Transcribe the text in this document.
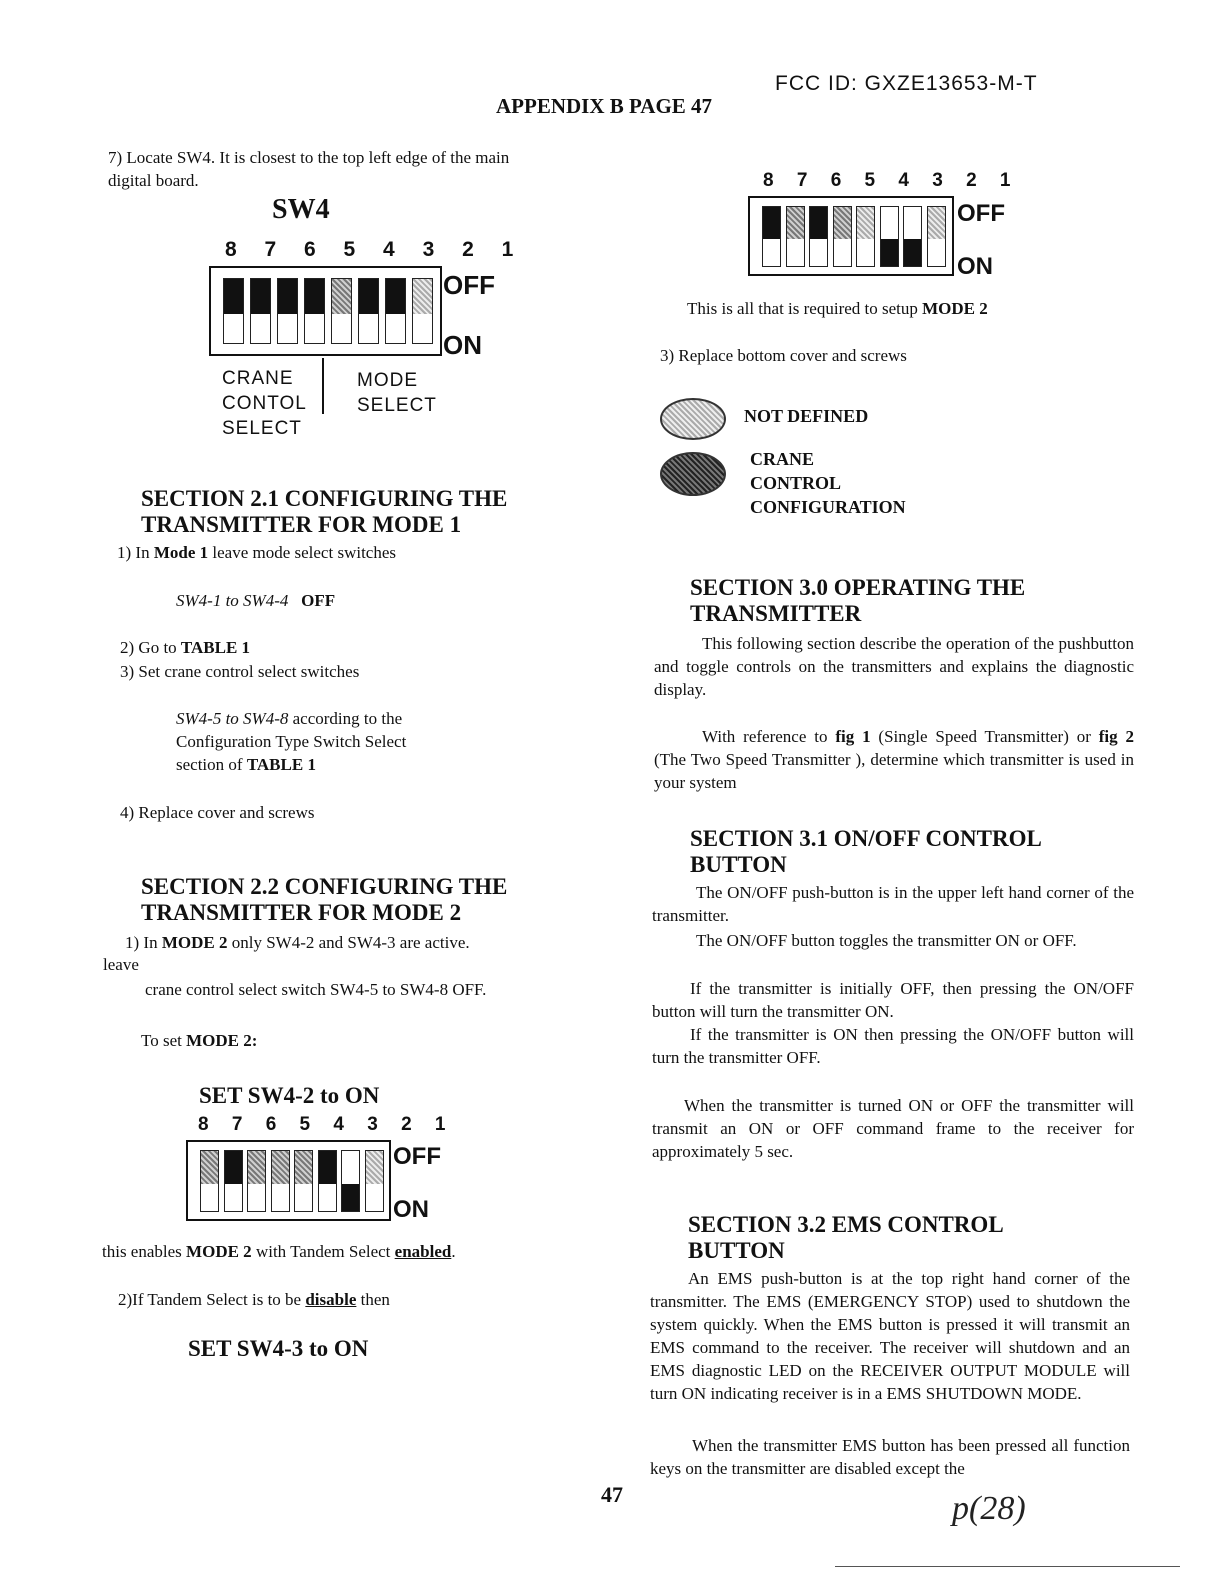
FCC ID: GXZE13653-M-T
APPENDIX B PAGE 47
7) Locate SW4. It is closest to the top left edge of the main digital board.
SW4
8 7 6 5 4 3 2 1
OFF
ON
CRANE
CONTOL
SELECT
MODE
SELECT
SECTION 2.1 CONFIGURING THE
TRANSMITTER FOR MODE 1
1) In Mode 1 leave mode select switches
SW4-1 to SW4-4 OFF
2) Go to TABLE 1
3) Set crane control select switches
SW4-5 to SW4-8 according to the
Configuration Type Switch Select
section of TABLE 1
4) Replace cover and screws
SECTION 2.2 CONFIGURING THE
TRANSMITTER FOR MODE 2
1) In MODE 2 only SW4-2 and SW4-3 are active.
leave
crane control select switch SW4-5 to SW4-8 OFF.
To set MODE 2:
SET SW4-2 to ON
8 7 6 5 4 3 2 1
OFF
ON
this enables MODE 2 with Tandem Select enabled.
2)If Tandem Select is to be disable then
SET SW4-3 to ON
8 7 6 5 4 3 2 1
OFF
ON
This is all that is required to setup MODE 2
3) Replace bottom cover and screws
NOT DEFINED
CRANE
CONTROL
CONFIGURATION
SECTION 3.0 OPERATING THE
TRANSMITTER
This following section describe the operation of the pushbutton and toggle controls on the transmitters and explains the diagnostic display.
With reference to fig 1 (Single Speed Transmitter) or fig 2 (The Two Speed Transmitter ), determine which transmitter is used in your system
SECTION 3.1 ON/OFF CONTROL
BUTTON
The ON/OFF push-button is in the upper left hand corner of the transmitter.
The ON/OFF button toggles the transmitter ON or OFF.
If the transmitter is initially OFF, then pressing the ON/OFF button will turn the transmitter ON.
If the transmitter is ON then pressing the ON/OFF button will turn the transmitter OFF.
When the transmitter is turned ON or OFF the transmitter will transmit an ON or OFF command frame to the receiver for approximately 5 sec.
SECTION 3.2 EMS CONTROL
BUTTON
An EMS push-button is at the top right hand corner of the transmitter. The EMS (EMERGENCY STOP) used to shutdown the system quickly. When the EMS button is pressed it will transmit an EMS command to the receiver. The receiver will shutdown and an EMS diagnostic LED on the RECEIVER OUTPUT MODULE will turn ON indicating receiver is in a EMS SHUTDOWN MODE.
When the transmitter EMS button has been pressed all function keys on the transmitter are disabled except the
47	p(28)
